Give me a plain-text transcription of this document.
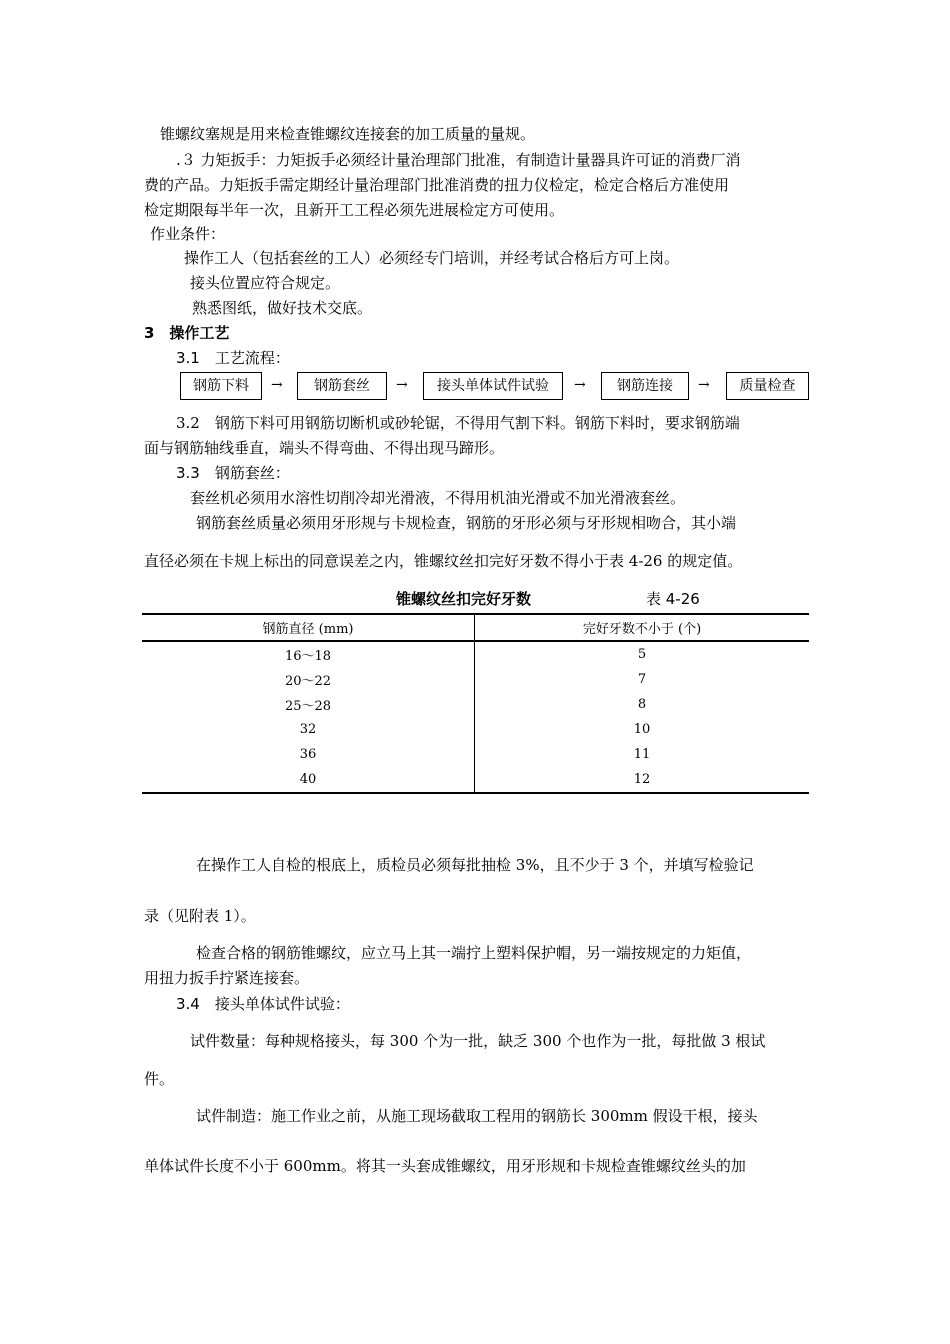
锥螺纹塞规是用来检查锥螺纹连接套的加工质量的量规。
.３ 力矩扳手：力矩扳手必须经计量治理部门批准，有制造计量器具许可证的消费厂消
费的产品。力矩扳手需定期经计量治理部门批准消费的扭力仪检定，检定合格后方准使用
检定期限每半年一次，且新开工工程必须先进展检定方可使用。
作业条件：
操作工人（包括套丝的工人）必须经专门培训，并经考试合格后方可上岗。
接头位置应符合规定。
熟悉图纸，做好技术交底。
3　操作工艺
3.1　工艺流程：
钢筋下料	→	钢筋套丝	→	接头单体试件试验	→	钢筋连接	→	质量检查
3.2　钢筋下料可用钢筋切断机或砂轮锯，不得用气割下料。钢筋下料时，要求钢筋端
面与钢筋轴线垂直，端头不得弯曲、不得出现马蹄形。
3.3　钢筋套丝：
套丝机必须用水溶性切削冷却光滑液，不得用机油光滑或不加光滑液套丝。
钢筋套丝质量必须用牙形规与卡规检查，钢筋的牙形必须与牙形规相吻合，其小端
直径必须在卡规上标出的同意误差之内，锥螺纹丝扣完好牙数不得小于表 4-26 的规定值。
锥螺纹丝扣完好牙数	表 4-26
钢筋直径 (mm)	完好牙数不小于 (个)
16～18	5
20～22	7
25～28	8
32	10
36	11
40	12
在操作工人自检的根底上，质检员必须每批抽检 3%，且不少于 3 个，并填写检验记
录（见附表 1）。
检查合格的钢筋锥螺纹，应立马上其一端拧上塑料保护帽，另一端按规定的力矩值，
用扭力扳手拧紧连接套。
3.4　接头单体试件试验：
试件数量：每种规格接头，每 300 个为一批，缺乏 300 个也作为一批，每批做 3 根试
件。
试件制造：施工作业之前，从施工现场截取工程用的钢筋长 300mm 假设干根，接头
单体试件长度不小于 600mm。将其一头套成锥螺纹，用牙形规和卡规检查锥螺纹丝头的加
